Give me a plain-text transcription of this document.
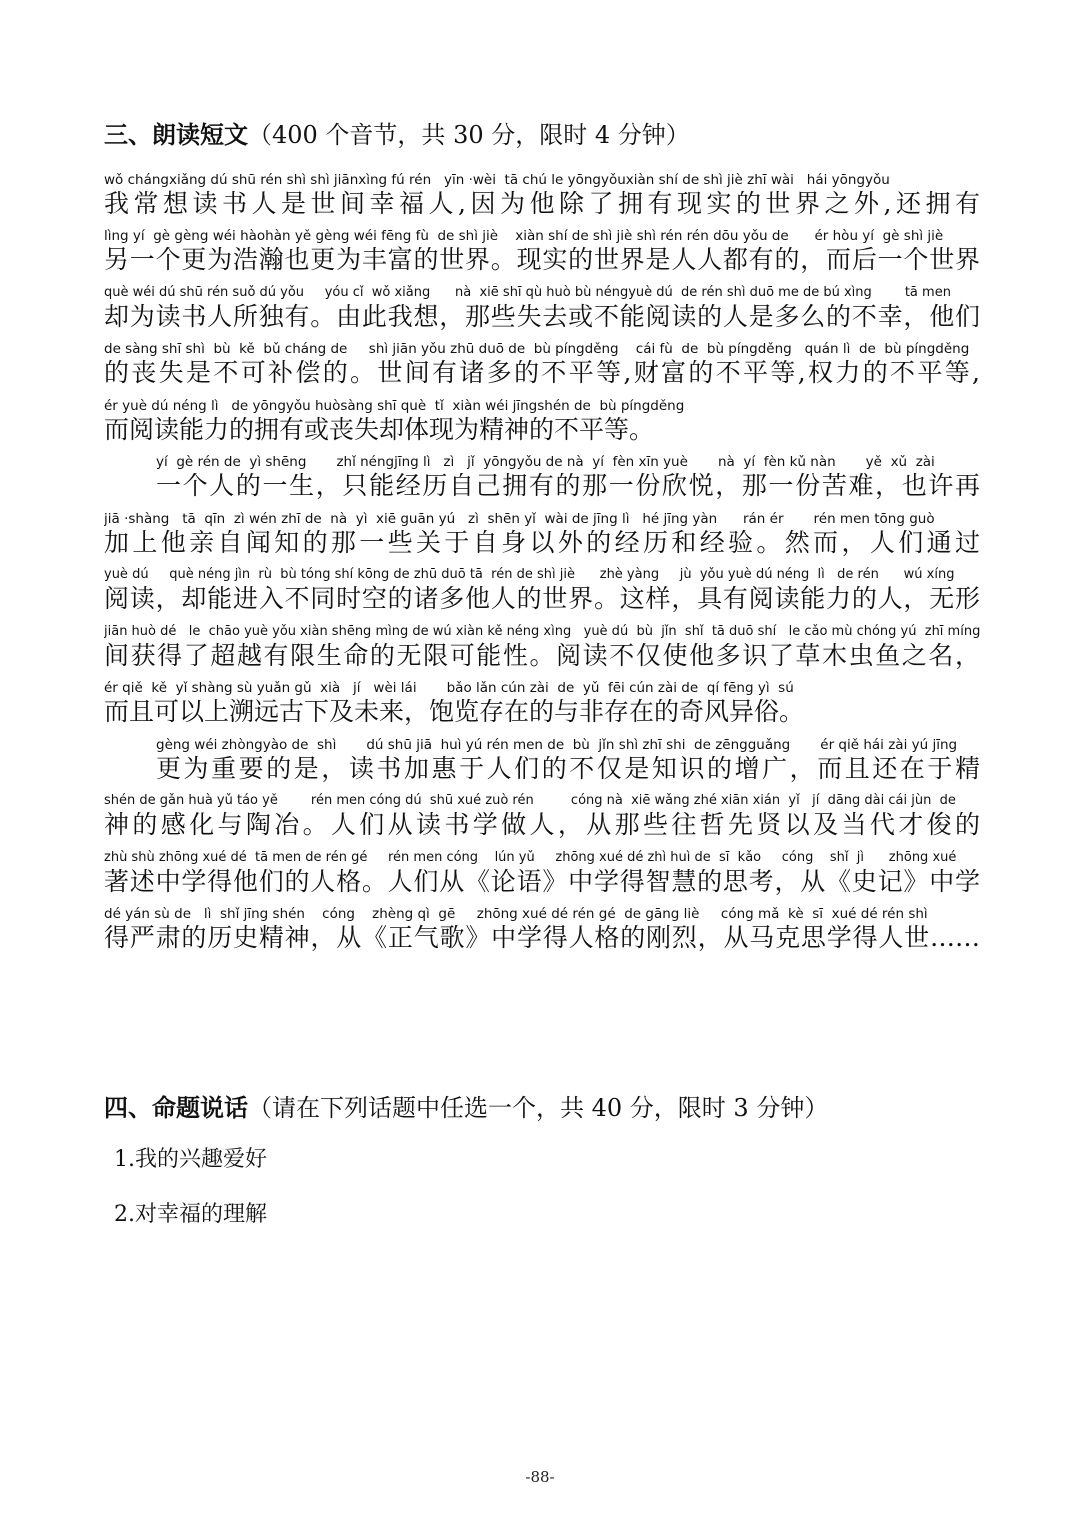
三、朗读短文（400 个音节，共 30 分，限时 4 分钟）
wǒ chángxiǎng dú shū rén shì shì jiānxìng fú rén   yīn ·wèi  tā chú le yōngyǒuxiàn shí de shì jiè zhī wài   hái yōngyǒu
我常想读书人是世间幸福人,因为他除了拥有现实的世界之外,还拥有
lìng yí  gè gèng wéi hàohàn yě gèng wéi fēng fù  de shì jiè    xiàn shí de shì jiè shì rén rén dōu yǒu de      ér hòu yí  gè shì jiè
另一个更为浩瀚也更为丰富的世界。现实的世界是人人都有的，而后一个世界
què wéi dú shū rén suǒ dú yǒu     yóu cǐ  wǒ xiǎng      nà  xiē shī qù huò bù néngyuè dú  de rén shì duō me de bú xìng        tā men
却为读书人所独有。由此我想，那些失去或不能阅读的人是多么的不幸，他们
de sàng shī shì  bù  kě  bǔ cháng de     shì jiān yǒu zhū duō de  bù píngděng    cái fù  de  bù píngděng   quán lì  de  bù píngděng
的丧失是不可补偿的。世间有诸多的不平等,财富的不平等,权力的不平等,
ér yuè dú néng lì   de yōngyǒu huòsàng shī què  tǐ  xiàn wéi jīngshén de  bù píngděng
而阅读能力的拥有或丧失却体现为精神的不平等。
yí  gè rén de  yì shēng       zhǐ néngjīng lì   zì   jǐ  yōngyǒu de nà  yí  fèn xīn yuè       nà  yí  fèn kǔ nàn       yě  xǔ  zài
一个人的一生，只能经历自己拥有的那一份欣悦，那一份苦难，也许再
jiā ·shàng   tā  qīn  zì wén zhī de  nà  yì  xiē guān yú   zì  shēn yǐ  wài de jīng lì   hé jīng yàn      rán ér       rén men tōng guò
加上他亲自闻知的那一些关于自身以外的经历和经验。然而，人们通过
yuè dú     què néng jìn  rù  bù tóng shí kōng de zhū duō tā  rén de shì jiè      zhè yàng     jù  yǒu yuè dú néng  lì   de rén      wú xíng
阅读，却能进入不同时空的诸多他人的世界。这样，具有阅读能力的人，无形
jiān huò dé   le  chāo yuè yǒu xiàn shēng mìng de wú xiàn kě néng xìng   yuè dú  bù  jǐn  shǐ  tā duō shí   le cǎo mù chóng yú  zhī míng
间获得了超越有限生命的无限可能性。阅读不仅使他多识了草木虫鱼之名，
ér qiě  kě  yǐ shàng sù yuǎn gǔ  xià   jí   wèi lái       bǎo lǎn cún zài  de  yǔ  fēi cún zài de  qí fēng yì  sú
而且可以上溯远古下及未来，饱览存在的与非存在的奇风异俗。
gèng wéi zhòngyào de  shì       dú shū jiā  huì yú rén men de  bù  jǐn shì zhī shi  de zēngguǎng       ér qiě hái zài yú jīng
更为重要的是，读书加惠于人们的不仅是知识的增广，而且还在于精
shén de gǎn huà yǔ táo yě        rén men cóng dú  shū xué zuò rén         cóng nà  xiē wǎng zhé xiān xián  yǐ   jí  dāng dài cái jùn  de
神的感化与陶冶。人们从读书学做人，从那些往哲先贤以及当代才俊的
zhù shù zhōng xué dé  tā men de rén gé     rén men cóng    lún yǔ     zhōng xué dé zhì huì de  sī  kǎo     cóng    shǐ  jì      zhōng xué
著述中学得他们的人格。人们从《论语》中学得智慧的思考，从《史记》中学
dé yán sù de   lì  shǐ jīng shén    cóng    zhèng qì  gē     zhōng xué dé rén gé  de gāng liè     cóng mǎ  kè  sī  xué dé rén shì
得严肃的历史精神，从《正气歌》中学得人格的刚烈，从马克思学得人世……
四、命题说话（请在下列话题中任选一个，共 40 分，限时 3 分钟）
1.我的兴趣爱好
2.对幸福的理解
-88-
